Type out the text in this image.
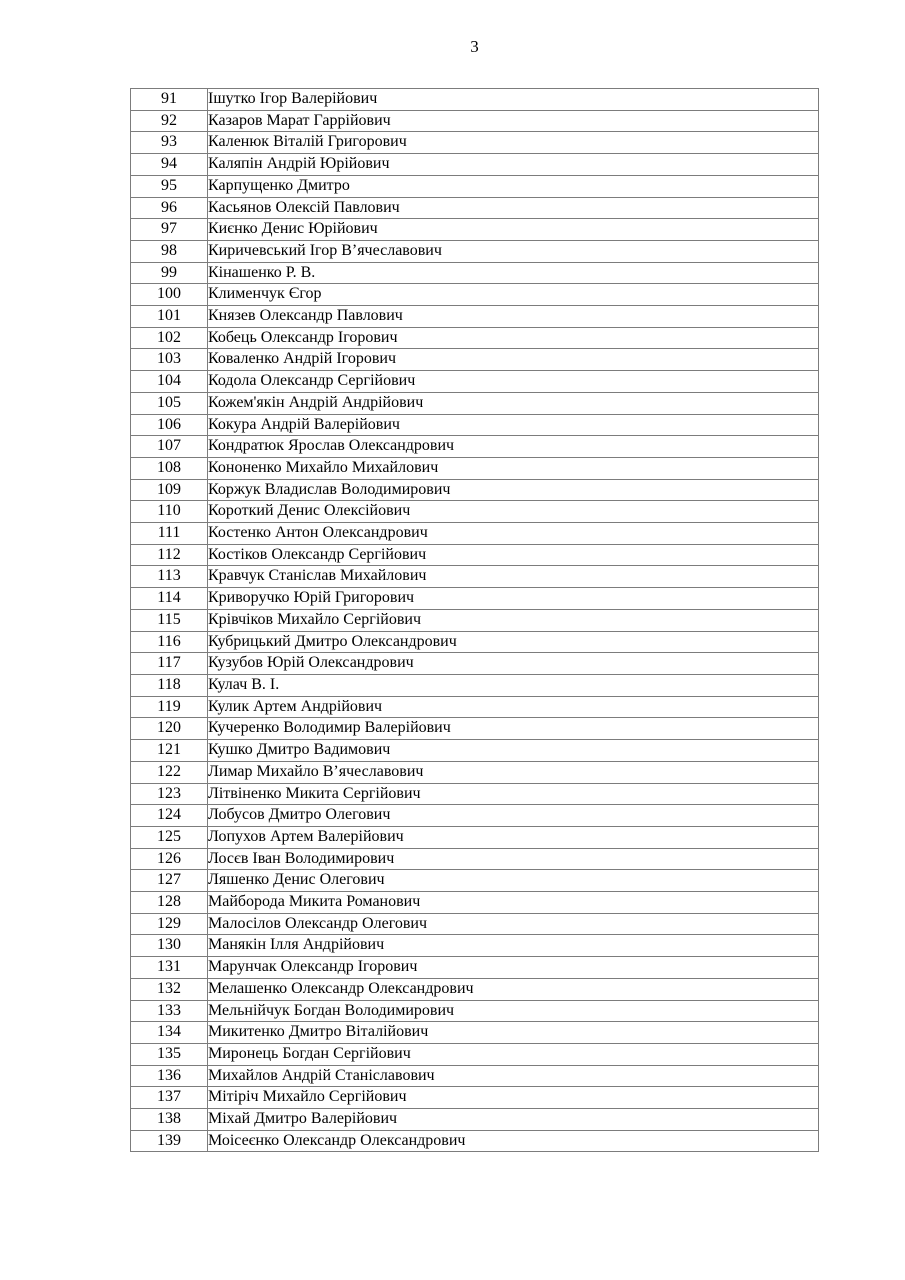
3
91	Ішутко Ігор Валерійович
92	Казаров Марат Гаррійович
93	Каленюк Віталій Григорович
94	Каляпін Андрій Юрійович
95	Карпущенко Дмитро
96	Касьянов Олексій Павлович
97	Києнко Денис Юрійович
98	Киричевський Ігор В’ячеславович
99	Кінашенко Р. В.
100	Клименчук Єгор
101	Князев Олександр Павлович
102	Кобець Олександр Ігорович
103	Коваленко Андрій Ігорович
104	Кодола Олександр Сергійович
105	Кожем'якін Андрій Андрійович
106	Кокура Андрій Валерійович
107	Кондратюк Ярослав Олександрович
108	Кононенко Михайло Михайлович
109	Коржук Владислав Володимирович
110	Короткий Денис Олексійович
111	Костенко Антон Олександрович
112	Костіков Олександр Сергійович
113	Кравчук Станіслав Михайлович
114	Криворучко Юрій Григорович
115	Крівчіков Михайло Сергійович
116	Кубрицький Дмитро Олександрович
117	Кузубов Юрій Олександрович
118	Кулач В. І.
119	Кулик Артем Андрійович
120	Кучеренко Володимир Валерійович
121	Кушко Дмитро Вадимович
122	Лимар Михайло В’ячеславович
123	Літвіненко Микита Сергійович
124	Лобусов Дмитро Олегович
125	Лопухов Артем Валерійович
126	Лосєв Іван Володимирович
127	Ляшенко Денис Олегович
128	Майборода Микита Романович
129	Малосілов Олександр Олегович
130	Манякін Ілля Андрійович
131	Марунчак Олександр Ігорович
132	Мелашенко Олександр Олександрович
133	Мельнійчук Богдан Володимирович
134	Микитенко Дмитро Віталійович
135	Миронець Богдан Сергійович
136	Михайлов Андрій Станіславович
137	Мітіріч Михайло Сергійович
138	Міхай Дмитро Валерійович
139	Моісеєнко Олександр Олександрович
